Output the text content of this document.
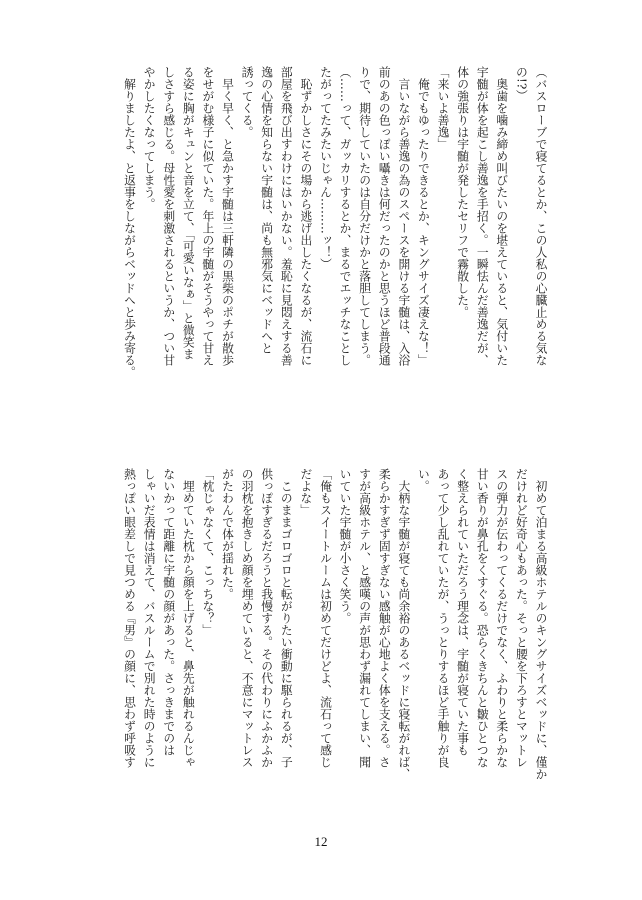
（バスローブで寝てるとか、この人私の心臓止める気な
の!?）
　奥歯を噛み締め叫びたいのを堪えていると、気付いた
宇髄が体を起こし善逸を手招く。一瞬怯んだ善逸だが、
体の強張りは宇髄が発したセリフで霧散した。
「来いよ善逸」
　俺でもゆったりできるとか、キングサイズ凄えな！」
　言いながら善逸の為のスペースを開ける宇髄は、入浴
前のあの色っぽい囁きは何だったのかと思うほど普段通
りで、期待していたのは自分だけかと落胆してしまう。
（……って、ガッカリするとか、まるでエッチなことし
たがってたみたいじゃん………ッ！）
　恥ずかしさにその場から逃げ出したくなるが、流石に
部屋を飛び出すわけにはいかない。羞恥に見悶えする善
逸の心情を知らない宇髄は、尚も無邪気にベッドへと
誘ってくる。
　早く早く、と急かす宇髄は三軒隣の黒柴のポチが散歩
をせがむ様子に似ていた。年上の宇髄がそうやって甘え
る姿に胸がキュンと音を立て、「可愛いなぁ」と微笑ま
しさすら感じる。母性愛を刺激されるというか、つい甘
やかしたくなってしまう。
　解りましたよ、と返事をしながらベッドへと歩み寄る。
　初めて泊まる高級ホテルのキングサイズベッドに、僅か
だけれど好奇心もあった。そっと腰を下ろすとマットレ
スの弾力が伝わってくるだけでなく、ふわりと柔らかな
甘い香りが鼻孔をくすぐる。恐らくきちんと皺ひとつな
く整えられていただろう理念は、宇髄が寝ていた事も
あって少し乱れていたが、うっとりするほど手触りが良
い。
　大柄な宇髄が寝ても尚余裕のあるベッドに寝転がれば、
柔らかすぎず固すぎない感触が心地よく体を支える。さ
すが高級ホテル、と感嘆の声が思わず漏れてしまい、聞
いていた宇髄が小さく笑う。
「俺もスイートルームは初めてだけどよ、流石って感じ
だよな」
　このままゴロゴロと転がりたい衝動に駆られるが、子
供っぽすぎるだろうと我慢する。その代わりにふかふか
の羽枕を抱きしめ顔を埋めていると、不意にマットレス
がたわんで体が揺れた。
「枕じゃなくて、こっちな？」
　埋めていた枕から顔を上げると、鼻先が触れるんじゃ
ないかって距離に宇髄の顔があった。さっきまでのは
しゃいだ表情は消えて、バスルームで別れた時のように
熱っぽい眼差しで見つめる『男』の顔に、思わず呼吸す
12
